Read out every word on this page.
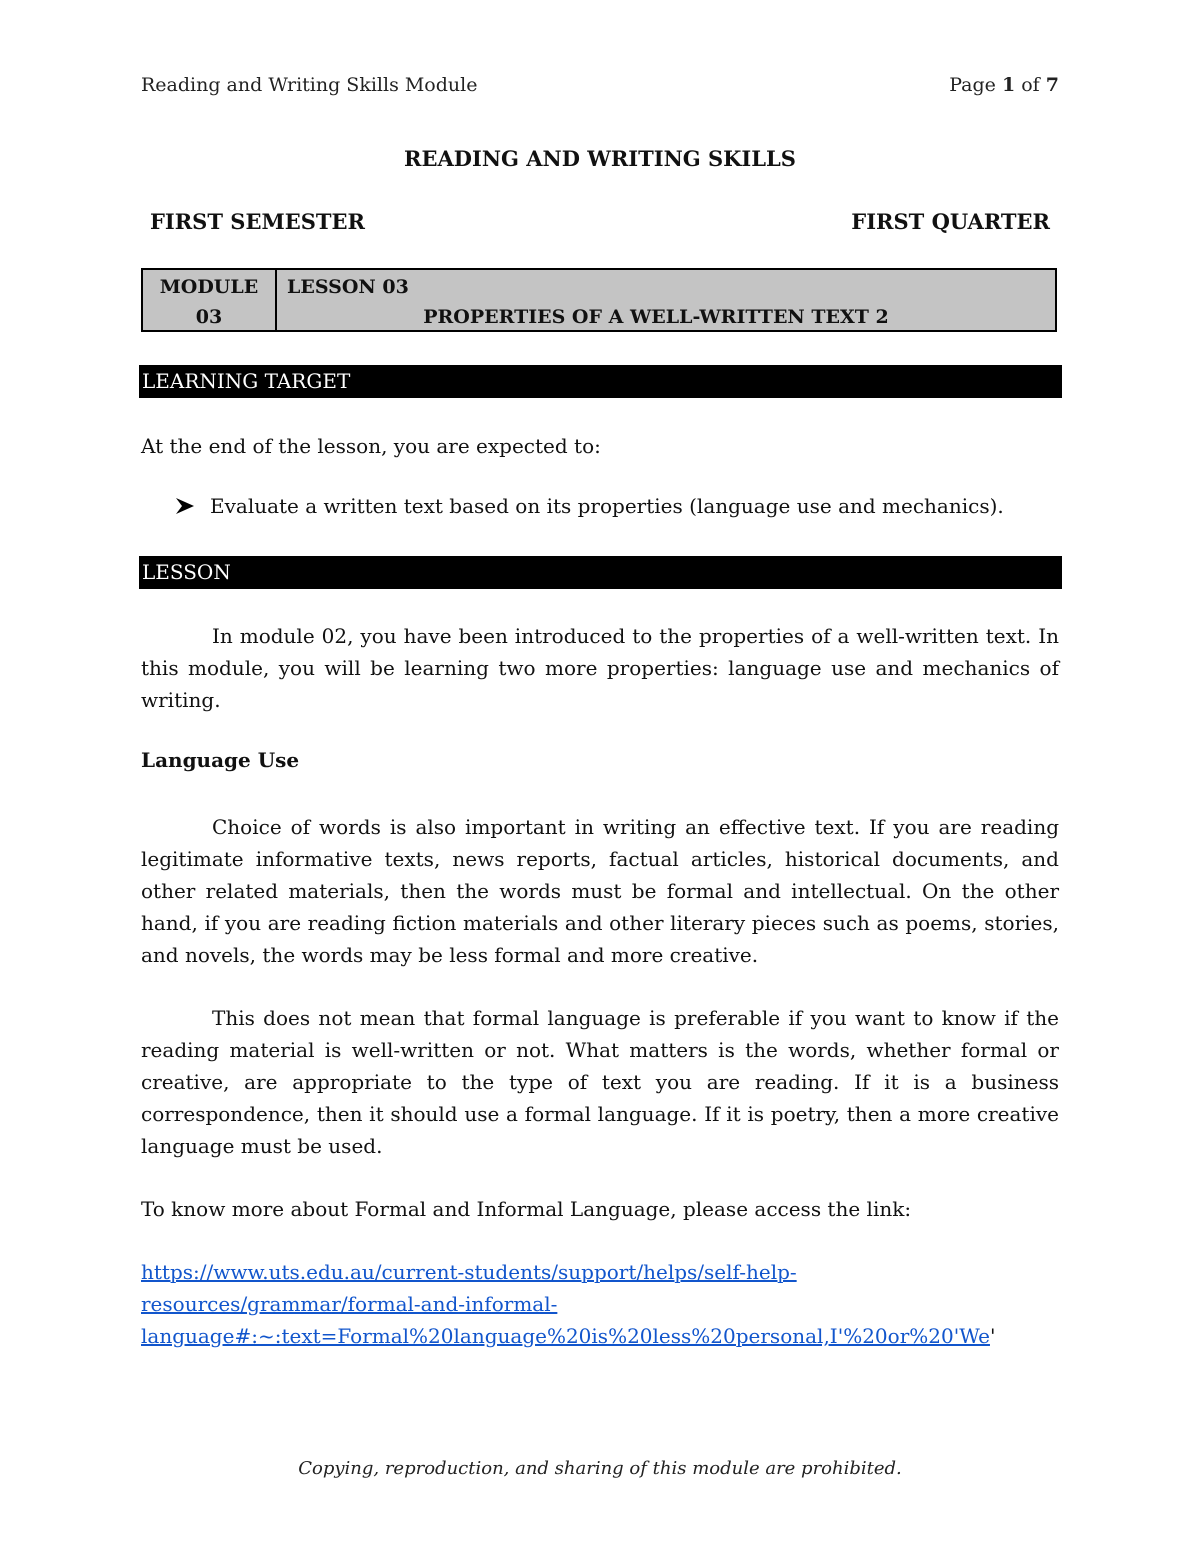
Reading and Writing Skills Module	Page 1 of 7
READING AND WRITING SKILLS
FIRST SEMESTER	FIRST QUARTER
MODULE
03
LESSON 03
PROPERTIES OF A WELL-WRITTEN TEXT 2
LEARNING TARGET
At the end of the lesson, you are expected to:
Evaluate a written text based on its properties (language use and mechanics).
LESSON
In module 02, you have been introduced to the properties of a well-written text. In this module, you will be learning two more properties: language use and mechanics of writing.
Language Use
Choice of words is also important in writing an effective text. If you are reading legitimate informative texts, news reports, factual articles, historical documents, and other related materials, then the words must be formal and intellectual. On the other hand, if you are reading fiction materials and other literary pieces such as poems, stories, and novels, the words may be less formal and more creative.
This does not mean that formal language is preferable if you want to know if the reading material is well-written or not. What matters is the words, whether formal or creative, are appropriate to the type of text you are reading. If it is a business correspondence, then it should use a formal language. If it is poetry, then a more creative language must be used.
To know more about Formal and Informal Language, please access the link:
https://www.uts.edu.au/current-students/support/helps/self-help-
resources/grammar/formal-and-informal-
language#:~:text=Formal%20language%20is%20less%20personal,I'%20or%20'We'
Copying, reproduction, and sharing of this module are prohibited.
